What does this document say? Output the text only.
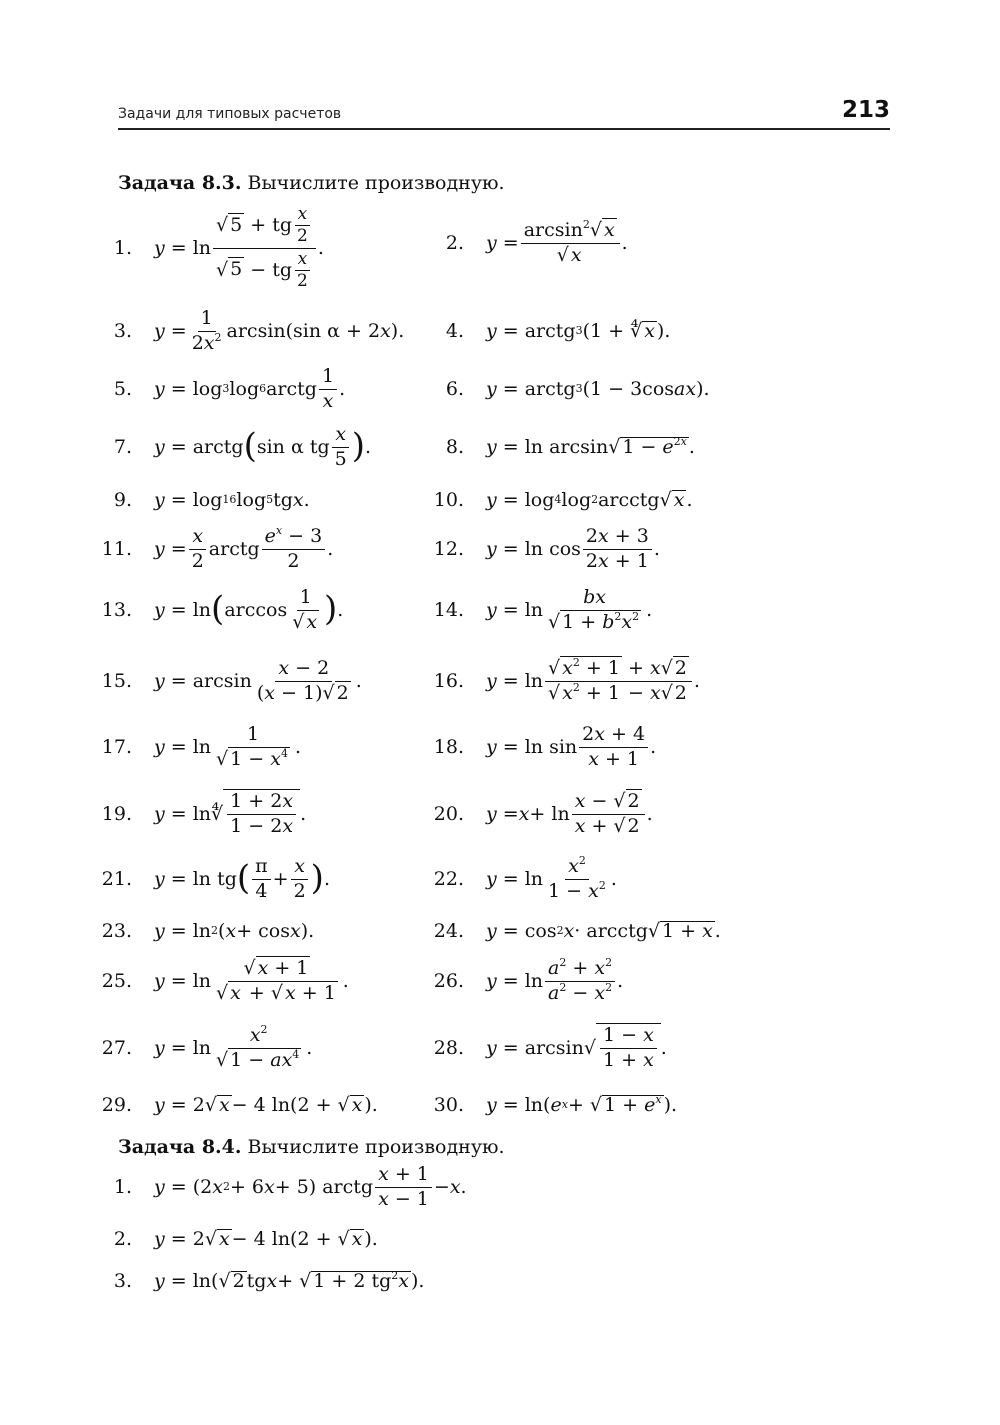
Задачи для типовых расчетов	213
Задача 8.3. Вычислите производную.
1. y = ln
√ 5 + tg $\frac{x}{2}$
√ 5 − tg $\frac{x}{2}$
.	2. y =
$\arcsin^2√$ x
√ x
.
3. y =
1
$2x^2$ arcsin(sin α + 2 x ).	4. y = arctg 3 (1 + ∜ x ).
5. y = log 3 log 6 arctg
1
x
.	6. y = arctg 3 (1 − 3cos ax ).
7. y = arctg ( sin α tg
x
5 ) .	8. y = ln arcsin√ $1 - e^{2x}$ .
9. y = log 16 log 5 tg x .	10. y = log 4 log 2 arcctg√ x .
11. y =
x
2
arctg
$e^x - 3$
2
.	12. y = ln cos
2x + 3
2x + 1
.
13. y = ln ( arccos
1
√ x ) .	14. y = ln
bx
√ $1 + b^2x^2$ .
15. y = arcsin
x − 2
(x − 1)√ 2
.	16. y = ln
√ $x^2 + 1 + x√$ 2
√ $x^2 + 1 - x√$ 2
.
17. y = ln
1
√ $1 - x^4$ .	18. y = ln sin
2x + 4
x + 1
.
19. y = ln∜ $\frac{1 + 2x}{1 - 2x}$ .	20. y = x + ln
x − √ 2
x + √ 2
.
21. y = ln tg ( π
4
+
x
2 ) .	22. y = ln
$x^2$
$1 - x^2$ .
23. y = ln 2 ( x + cos x ).	24. y = cos 2 x · arcctg√ 1 + x .
25. y = ln
√ x + 1
√ x + √ x + 1
.	26. y = ln
$a^2 + x^2$
$a^2 - x^2$ .
27. y = ln
$x^2$
√ $1 - ax^4$ .	28. $y = \arcsin√ \frac{1 - x}{1 + x}$ .
29. y = 2√ x − 4 ln(2 + √ x ).	30. y = ln( e x + √ $1 + e^x$ ).
Задача 8.4. Вычислите производную.
1. y = (2 x 2 + 6 x + 5) arctg
x + 1
x − 1
− x .
2. y = 2√ x − 4 ln(2 + √ x ).
3. y = ln(√ 2 tg x + √ 1 + 2 $tg^2x$ ).
